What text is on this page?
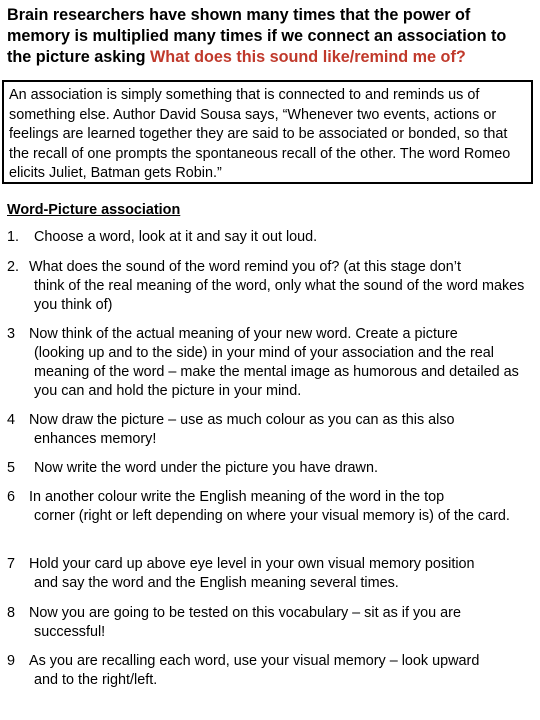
Brain researchers have shown many times that the power of
memory is multiplied many times if we connect an association to
the picture asking What does this sound like/remind me of?
An association is simply something that is connected to and reminds us of something else. Author David Sousa says, “Whenever two events, actions or feelings are learned together they are said to be associated or bonded, so that the recall of one prompts the spontaneous recall of the other. The word Romeo elicits Juliet, Batman gets Robin.”
Word-Picture association
1.	Choose a word, look at it and say it out loud.
2. What does the sound of the word remind you of? (at this stage don’t
think of the real meaning of the word, only what the sound of the word makes you think of)
3 Now think of the actual meaning of your new word. Create a picture
(looking up and to the side) in your mind of your association and the real meaning of the word – make the mental image as humorous and detailed as you can and hold the picture in your mind.
4 Now draw the picture – use as much colour as you can as this also
enhances memory!
5	Now write the word under the picture you have drawn.
6 In another colour write the English meaning of the word in the top
corner (right or left depending on where your visual memory is) of the card.
7 Hold your card up above eye level in your own visual memory position
and say the word and the English meaning several times.
8 Now you are going to be tested on this vocabulary – sit as if you are
successful!
9 As you are recalling each word, use your visual memory – look upward
and to the right/left.
